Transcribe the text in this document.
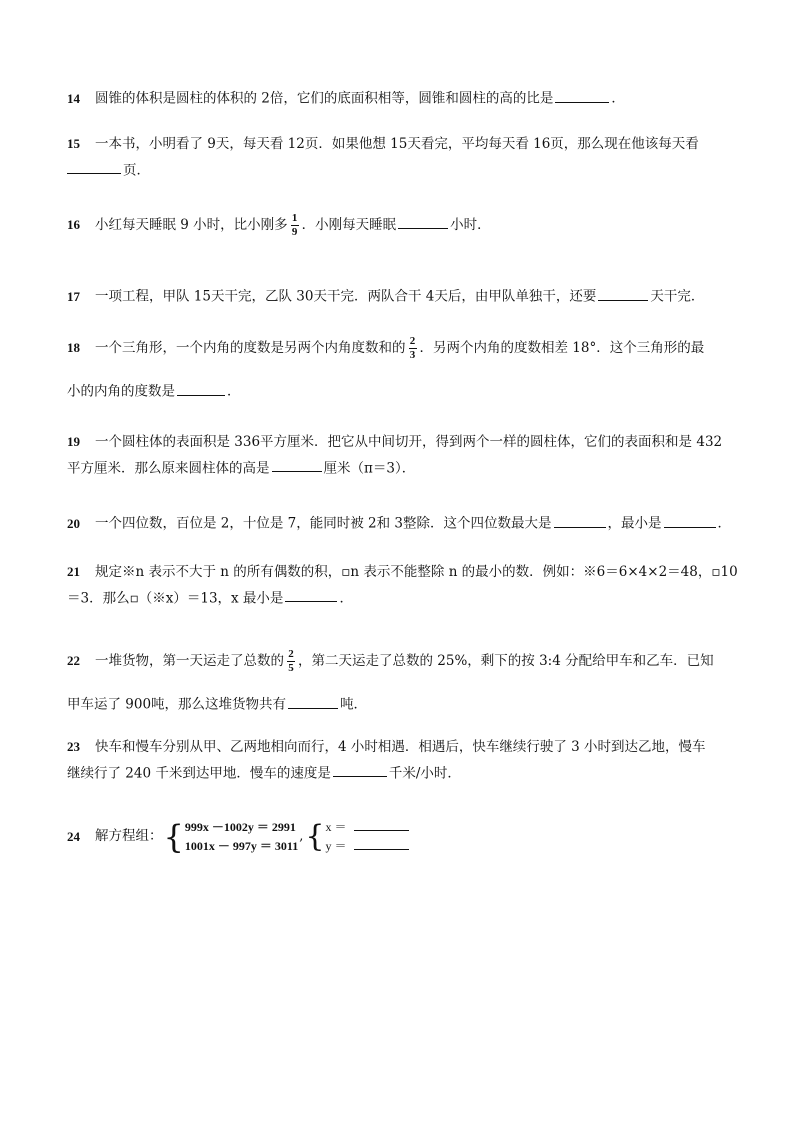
14 圆锥的体积是圆柱的体积的 2倍，它们的底面积相等，圆锥和圆柱的高的比是	．
15 一本书，小明看了 9天，每天看 12页．如果他想 15天看完，平均每天看 16页，那么现在他该每天看
页．
16 小红每天睡眠 9 小时，比小刚多 $\frac{1}{9}$ ．小刚每天睡眠	小时．
17 一项工程，甲队 15天干完，乙队 30天干完．两队合干 4天后，由甲队单独干，还要	天干完．
18 一个三角形，一个内角的度数是另两个内角度数和的 $\frac{2}{3}$ ．另两个内角的度数相差 18°．这个三角形的最
小的内角的度数是	．
19 一个圆柱体的表面积是 336平方厘米．把它从中间切开，得到两个一样的圆柱体，它们的表面积和是 432
平方厘米．那么原来圆柱体的高是	厘米（π＝3）．
20 一个四位数，百位是 2，十位是 7，能同时被 2和 3整除．这个四位数最大是	，最小是	．
21 规定※n 表示不大于 n 的所有偶数的积，▫n 表示不能整除 n 的最小的数．例如：※6＝6×4×2＝48，▫10
＝3．那么▫（※x）＝13，x 最小是	．
22 一堆货物，第一天运走了总数的 $\frac{2}{5}$ ，第二天运走了总数的 25%，剩下的按 3:4 分配给甲车和乙车．已知
甲车运了 900吨，那么这堆货物共有	吨．
23 快车和慢车分别从甲、乙两地相向而行，4 小时相遇．相遇后，快车继续行驶了 3 小时到达乙地，慢车
继续行了 240 千米到达甲地．慢车的速度是	千米/小时．
24	解方程组： { 999x －1002y ＝ 2991
1001x － 997y ＝ 3011
, { x ＝
y ＝
